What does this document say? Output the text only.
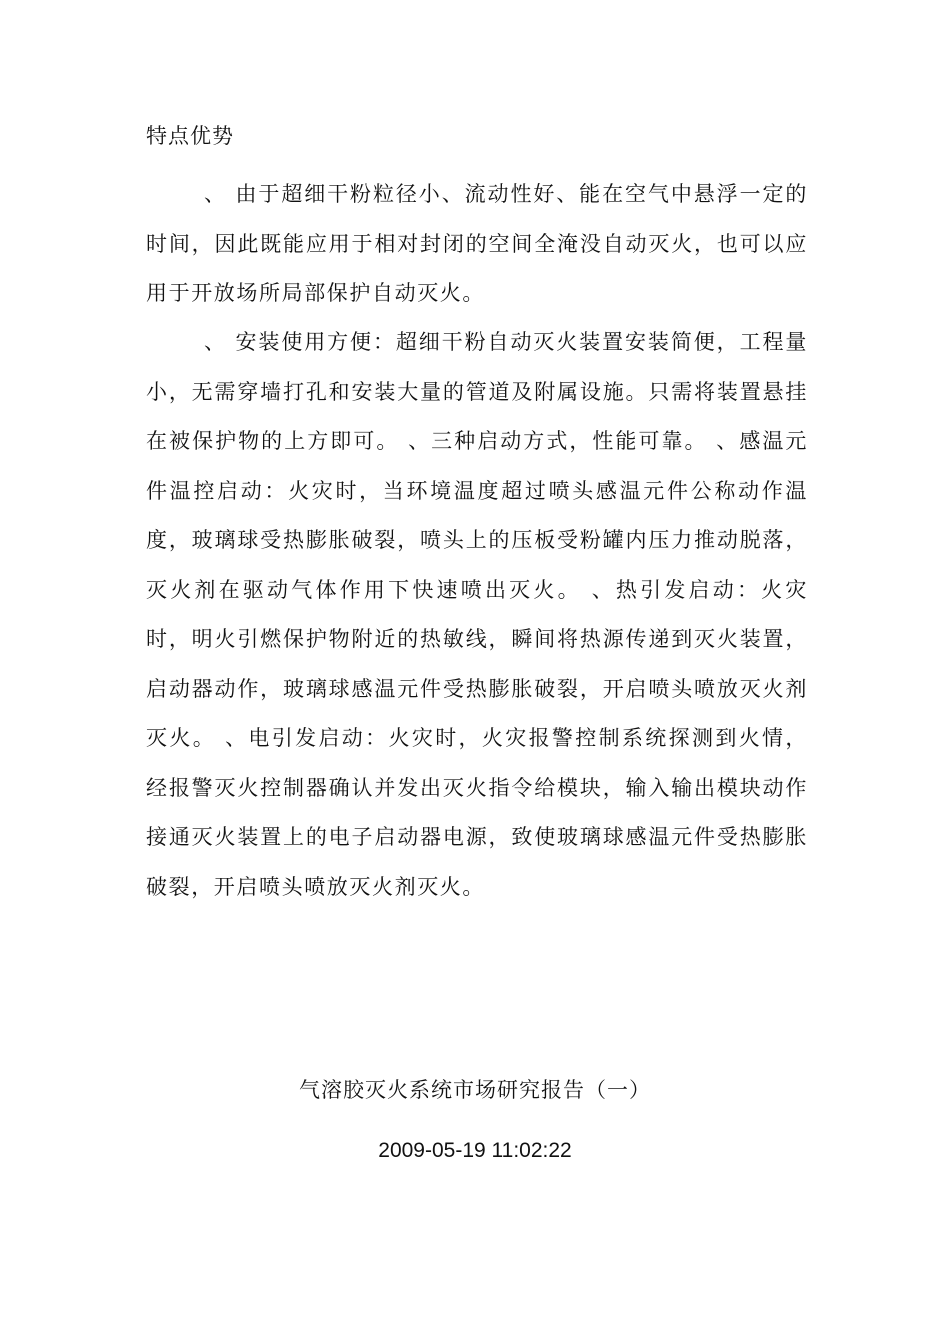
特点优势

、 由于超细干粉粒径小、流动性好、能在空气中悬浮一定的时间，因此既能应用于相对封闭的空间全淹没自动灭火，也可以应用于开放场所局部保护自动灭火。

、 安装使用方便：超细干粉自动灭火装置安装简便，工程量小，无需穿墙打孔和安装大量的管道及附属设施。只需将装置悬挂在被保护物的上方即可。 、三种启动方式，性能可靠。 、感温元件温控启动：火灾时，当环境温度超过喷头感温元件公称动作温度，玻璃球受热膨胀破裂，喷头上的压板受粉罐内压力推动脱落，灭火剂在驱动气体作用下快速喷出灭火。 、热引发启动：火灾时，明火引燃保护物附近的热敏线，瞬间将热源传递到灭火装置，启动器动作，玻璃球感温元件受热膨胀破裂，开启喷头喷放灭火剂灭火。 、电引发启动：火灾时，火灾报警控制系统探测到火情，经报警灭火控制器确认并发出灭火指令给模块，输入输出模块动作接通灭火装置上的电子启动器电源，致使玻璃球感温元件受热膨胀破裂，开启喷头喷放灭火剂灭火。

气溶胶灭火系统市场研究报告（一）
2009-05-19 11:02:22
